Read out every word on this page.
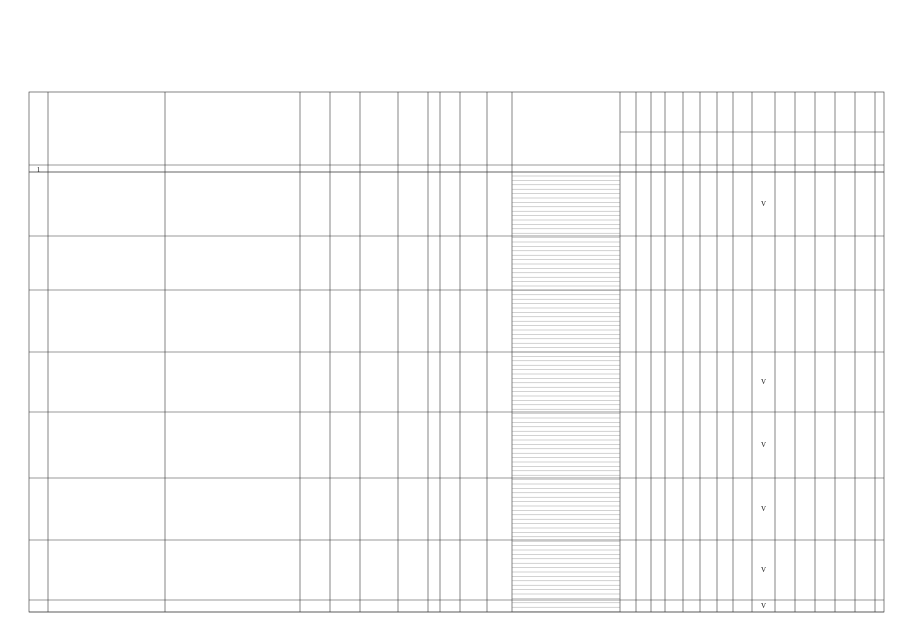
1
V
V
V
V
V
V
